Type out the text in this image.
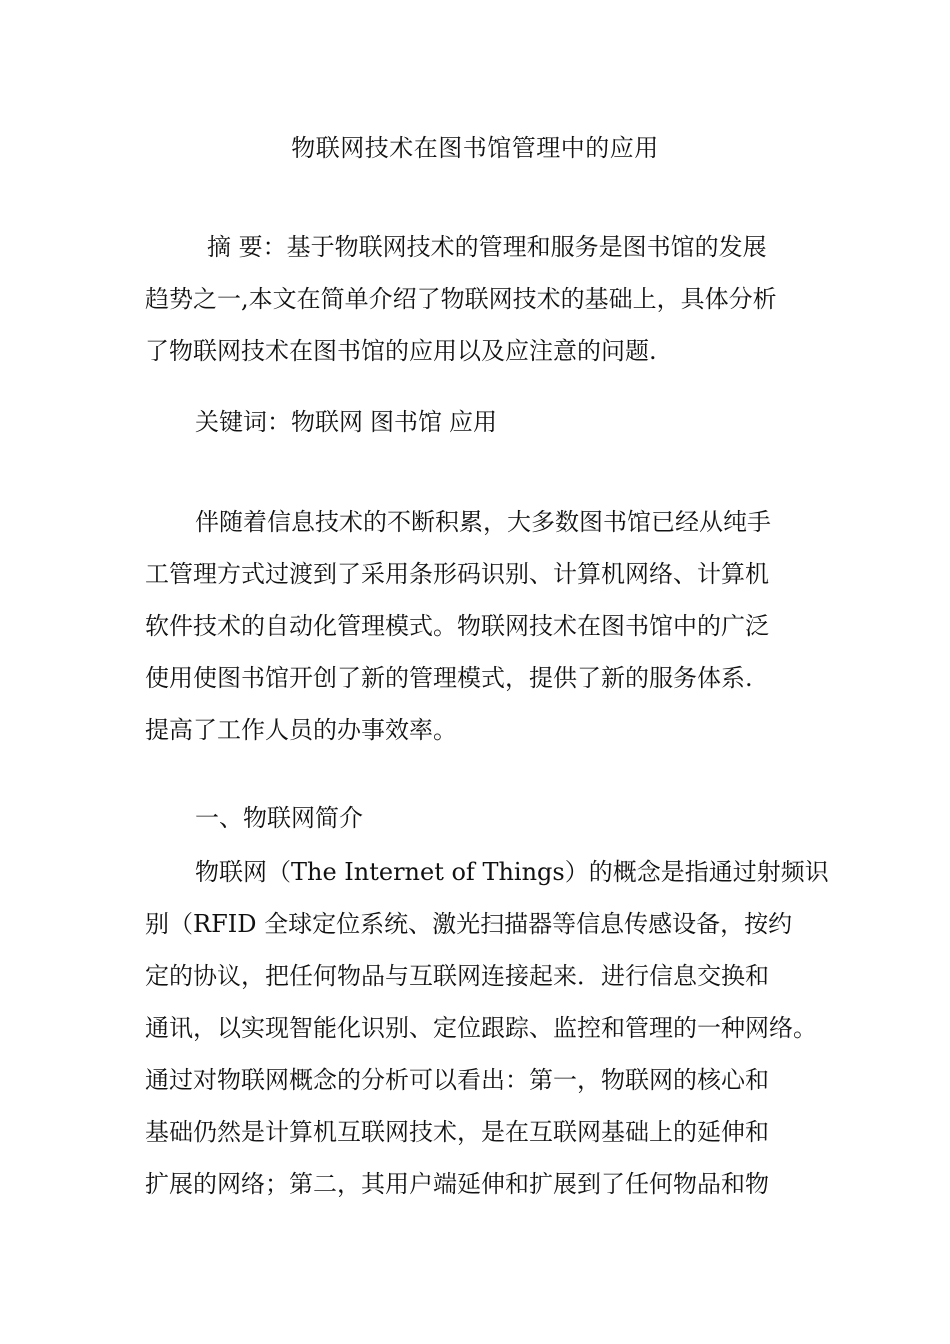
物联网技术在图书馆管理中的应用
摘 要：基于物联网技术的管理和服务是图书馆的发展
趋势之一,本文在简单介绍了物联网技术的基础上，具体分析
了物联网技术在图书馆的应用以及应注意的问题.
关键词：物联网 图书馆 应用
伴随着信息技术的不断积累，大多数图书馆已经从纯手
工管理方式过渡到了采用条形码识别、计算机网络、计算机
软件技术的自动化管理模式。物联网技术在图书馆中的广泛
使用使图书馆开创了新的管理模式，提供了新的服务体系.
提高了工作人员的办事效率。
一、物联网简介
物联网（The Internet of Things）的概念是指通过射频识
别（RFID 全球定位系统、激光扫描器等信息传感设备，按约
定的协议，把任何物品与互联网连接起来．进行信息交换和
通讯，以实现智能化识别、定位跟踪、监控和管理的一种网络。
通过对物联网概念的分析可以看出：第一，物联网的核心和
基础仍然是计算机互联网技术，是在互联网基础上的延伸和
扩展的网络；第二，其用户端延伸和扩展到了任何物品和物
